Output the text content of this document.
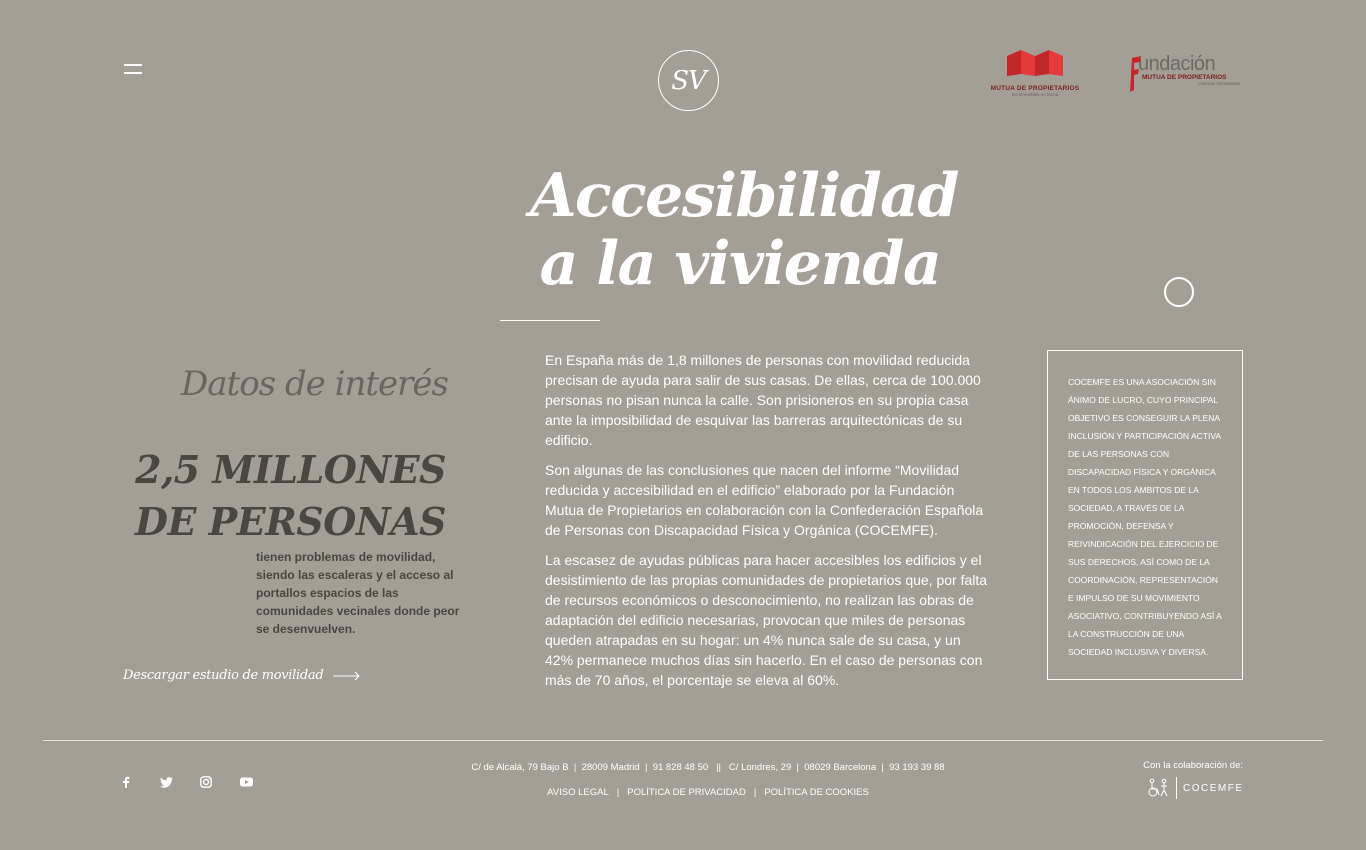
SV	MUTUA DE PROPIETARIOS
tus inmuebles en forma
undación
MUTUA DE PROPIETARIOS
Viviendo sin barreras
Accesibilidad
a la vivienda
Datos de interés
2,5 MILLONES
DE PERSONAS
tienen problemas de movilidad, siendo las escaleras y el acceso al portallos espacios de las comunidades vecinales donde peor se desenvuelven.
Descargar estudio de movilidad

En España más de 1,8 millones de personas con movilidad reducida precisan de ayuda para salir de sus casas. De ellas, cerca de 100.000 personas no pisan nunca la calle. Son prisioneros en su propia casa ante la imposibilidad de esquivar las barreras arquitectónicas de su edificio.

Son algunas de las conclusiones que nacen del informe “Movilidad reducida y accesibilidad en el edificio” elaborado por la Fundación Mutua de Propietarios en colaboración con la Confederación Española de Personas con Discapacidad Física y Orgánica (COCEMFE).

La escasez de ayudas públicas para hacer accesibles los edificios y el desistimiento de las propias comunidades de propietarios que, por falta de recursos económicos o desconocimiento, no realizan las obras de adaptación del edificio necesarias, provocan que miles de personas queden atrapadas en su hogar: un 4% nunca sale de su casa, y un 42% permanece muchos días sin hacerlo. En el caso de personas con más de 70 años, el porcentaje se eleva al 60%.

COCEMFE ES UNA ASOCIACIÓN SIN ÁNIMO DE LUCRO, CUYO PRINCIPAL OBJETIVO ES CONSEGUIR LA PLENA INCLUSIÓN Y PARTICIPACIÓN ACTIVA DE LAS PERSONAS CON DISCAPACIDAD FÍSICA Y ORGÁNICA EN TODOS LOS ÁMBITOS DE LA SOCIEDAD, A TRAVÉS DE LA PROMOCIÓN, DEFENSA Y REIVINDICACIÓN DEL EJERCICIO DE SUS DERECHOS, ASÍ COMO DE LA COORDINACIÓN, REPRESENTACIÓN E IMPULSO DE SU MOVIMIENTO ASOCIATIVO, CONTRIBUYENDO ASÍ A LA CONSTRUCCIÓN DE UNA SOCIEDAD INCLUSIVA Y DIVERSA.
C/ de Alcalá, 79 Bajo B  |  28009 Madrid  |  91 828 48 50   ||   C/ Londres, 29  |  08029 Barcelona  |  93 193 39 88
AVISO LEGAL | POLÍTICA DE PRIVACIDAD | POLÍTICA DE COOKIES
Con la colaboración de:
COCEMFE
